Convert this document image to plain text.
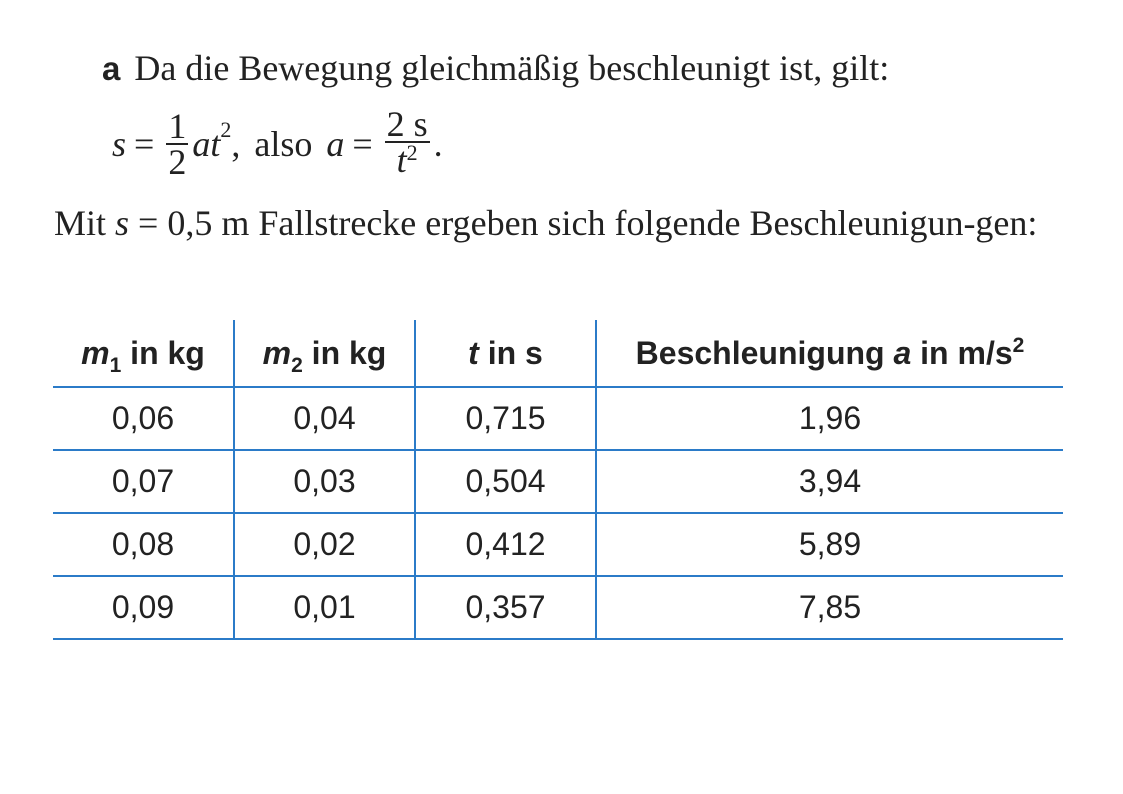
a Da die Bewegung gleichmäßig beschleunigt ist, gilt:
$s = \frac{1}{2}$ at 2 , also $a = \frac{2 s}{t^2}$ .
Mit s = 0,5 m Fallstrecke ergeben sich folgende Beschleunigun-gen:
$m_1$ in kg	$m_2$ in kg	t in s	Beschleunigung a in $m/s^2$
0,06	0,04	0,715	1,96
0,07	0,03	0,504	3,94
0,08	0,02	0,412	5,89
0,09	0,01	0,357	7,85
